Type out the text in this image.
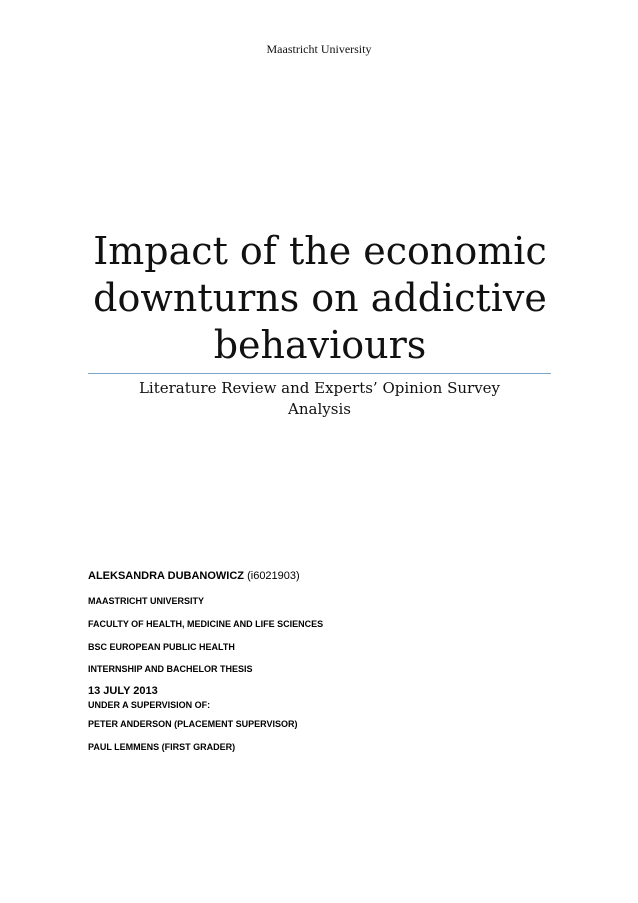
Maastricht University
Impact of the economic
downturns on addictive
behaviours
Literature Review and Experts’ Opinion Survey
Analysis
ALEKSANDRA DUBANOWICZ (i6021903)
MAASTRICHT UNIVERSITY
FACULTY OF HEALTH, MEDICINE AND LIFE SCIENCES
BSC EUROPEAN PUBLIC HEALTH
INTERNSHIP AND BACHELOR THESIS
13 JULY 2013
UNDER A SUPERVISION OF:
PETER ANDERSON (PLACEMENT SUPERVISOR)
PAUL LEMMENS (FIRST GRADER)
